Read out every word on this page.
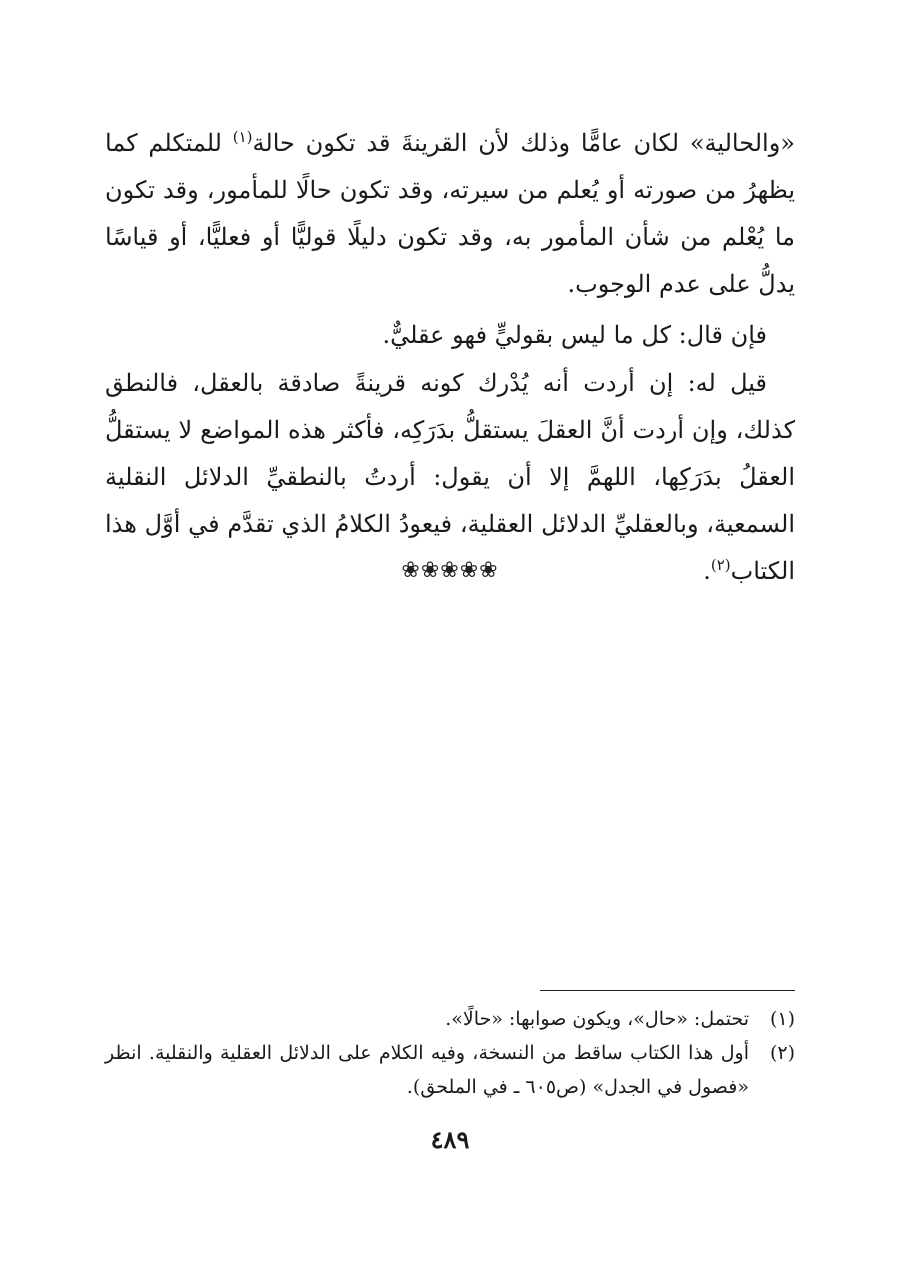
«والحالية» لكان عامًّا وذلك لأن القرينةَ قد تكون حالة$^{(١)}$ للمتكلم كما يظهرُ من صورته أو يُعلم من سيرته، وقد تكون حالًا للمأمور، وقد تكون ما يُعْلم من شأن المأمور به، وقد تكون دليلًا قوليًّا أو فعليًّا، أو قياسًا يدلُّ على عدم الوجوب.

فإن قال: كل ما ليس بقوليٍّ فهو عقليٌّ.

قيل له: إن أردت أنه يُدْرك كونه قرينةً صادقة بالعقل، فالنطق كذلك، وإن أردت أنَّ العقلَ يستقلُّ بدَرَكِه، فأكثر هذه المواضع لا يستقلُّ العقلُ بدَرَكِها، اللهمَّ إلا أن يقول: أردتُ بالنطقيِّ الدلائل النقلية السمعية، وبالعقليِّ الدلائل العقلية، فيعودُ الكلامُ الذي تقدَّم في أوَّل هذا الكتاب$^{(٢)}$.

❀❀❀❀❀
(١)
تحتمل: «حال»، ويكون صوابها: «حالًا».
(٢)
أول هذا الكتاب ساقط من النسخة، وفيه الكلام على الدلائل العقلية والنقلية. انظر «فصول في الجدل» (ص٦٠٥ ـ في الملحق).
٤٨٩
